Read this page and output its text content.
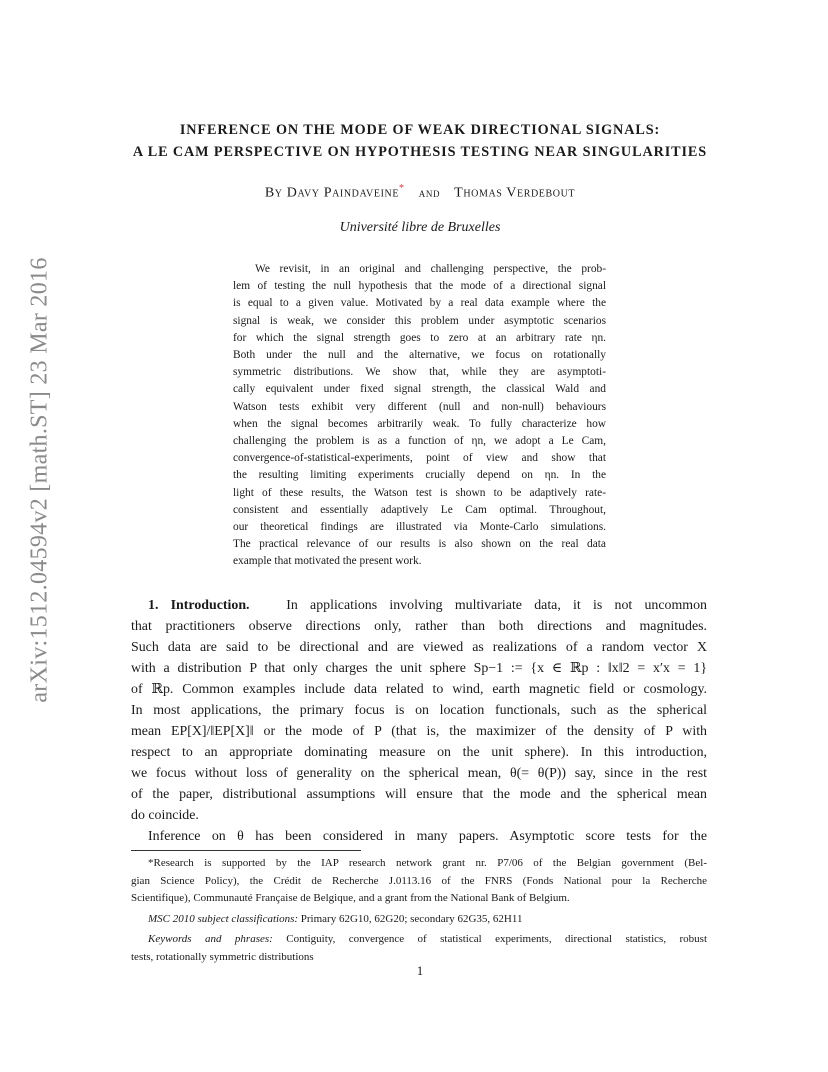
arXiv:1512.04594v2 [math.ST] 23 Mar 2016
INFERENCE ON THE MODE OF WEAK DIRECTIONAL SIGNALS:
A LE CAM PERSPECTIVE ON HYPOTHESIS TESTING NEAR SINGULARITIES
By Davy Paindaveine* and Thomas Verdebout
Université libre de Bruxelles
We revisit, in an original and challenging perspective, the prob-
lem of testing the null hypothesis that the mode of a directional signal
is equal to a given value. Motivated by a real data example where the
signal is weak, we consider this problem under asymptotic scenarios
for which the signal strength goes to zero at an arbitrary rate ηn.
Both under the null and the alternative, we focus on rotationally
symmetric distributions. We show that, while they are asymptoti-
cally equivalent under fixed signal strength, the classical Wald and
Watson tests exhibit very different (null and non-null) behaviours
when the signal becomes arbitrarily weak. To fully characterize how
challenging the problem is as a function of ηn, we adopt a Le Cam,
convergence-of-statistical-experiments, point of view and show that
the resulting limiting experiments crucially depend on ηn. In the
light of these results, the Watson test is shown to be adaptively rate-
consistent and essentially adaptively Le Cam optimal. Throughout,
our theoretical findings are illustrated via Monte-Carlo simulations.
The practical relevance of our results is also shown on the real data
example that motivated the present work.
1. Introduction.	In applications involving multivariate data, it is not uncommon
that practitioners observe directions only, rather than both directions and magnitudes.
Such data are said to be directional and are viewed as realizations of a random vector X
with a distribution P that only charges the unit sphere Sp−1 := {x ∈ ℝp : ‖x‖2 = x′x = 1}
of ℝp. Common examples include data related to wind, earth magnetic field or cosmology.
In most applications, the primary focus is on location functionals, such as the spherical
mean EP[X]/‖EP[X]‖ or the mode of P (that is, the maximizer of the density of P with
respect to an appropriate dominating measure on the unit sphere). In this introduction,
we focus without loss of generality on the spherical mean, θ(= θ(P)) say, since in the rest
of the paper, distributional assumptions will ensure that the mode and the spherical mean
do coincide.
Inference on θ has been considered in many papers. Asymptotic score tests for the
*Research is supported by the IAP research network grant nr. P7/06 of the Belgian government (Bel-
gian Science Policy), the Crédit de Recherche J.0113.16 of the FNRS (Fonds National pour la Recherche
Scientifique), Communauté Française de Belgique, and a grant from the National Bank of Belgium.
MSC 2010 subject classifications: Primary 62G10, 62G20; secondary 62G35, 62H11
Keywords and phrases: Contiguity, convergence of statistical experiments, directional statistics, robust
tests, rotationally symmetric distributions
1
